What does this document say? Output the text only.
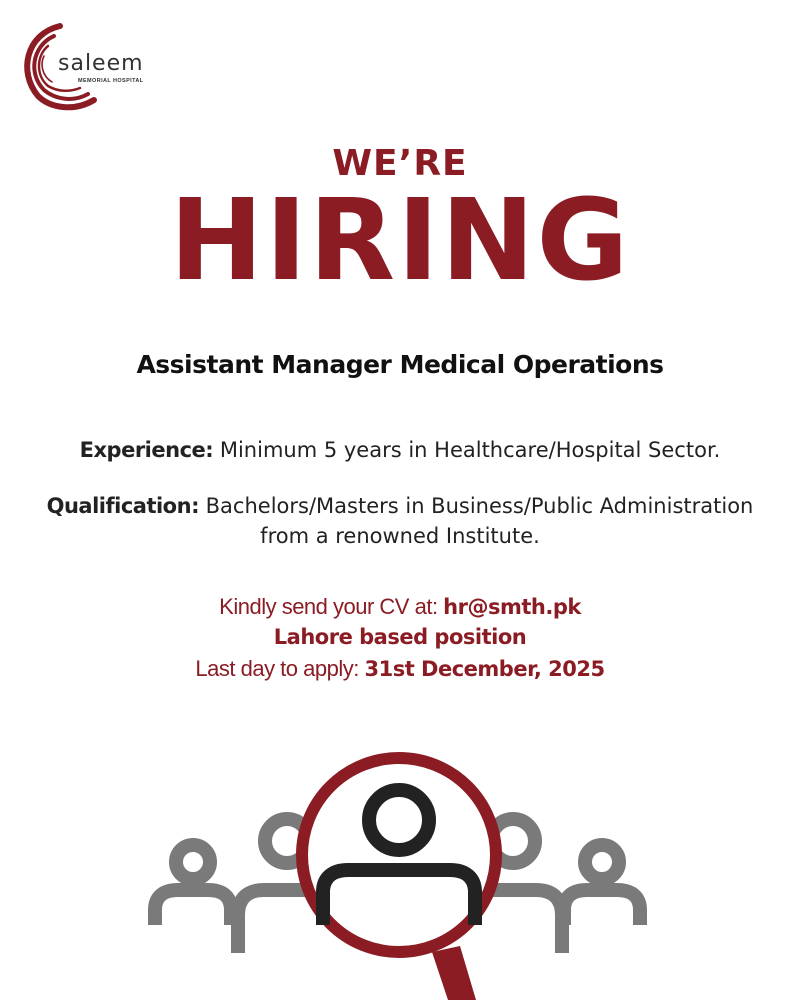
saleem
MEMORIAL HOSPITAL
WE’RE
HIRING
Assistant Manager Medical Operations
Experience: Minimum 5 years in Healthcare/Hospital Sector.
Qualification: Bachelors/Masters in Business/Public Administration
from a renowned Institute.
Kindly send your CV at: hr@smth.pk
Lahore based position
Last day to apply: 31st December, 2025
